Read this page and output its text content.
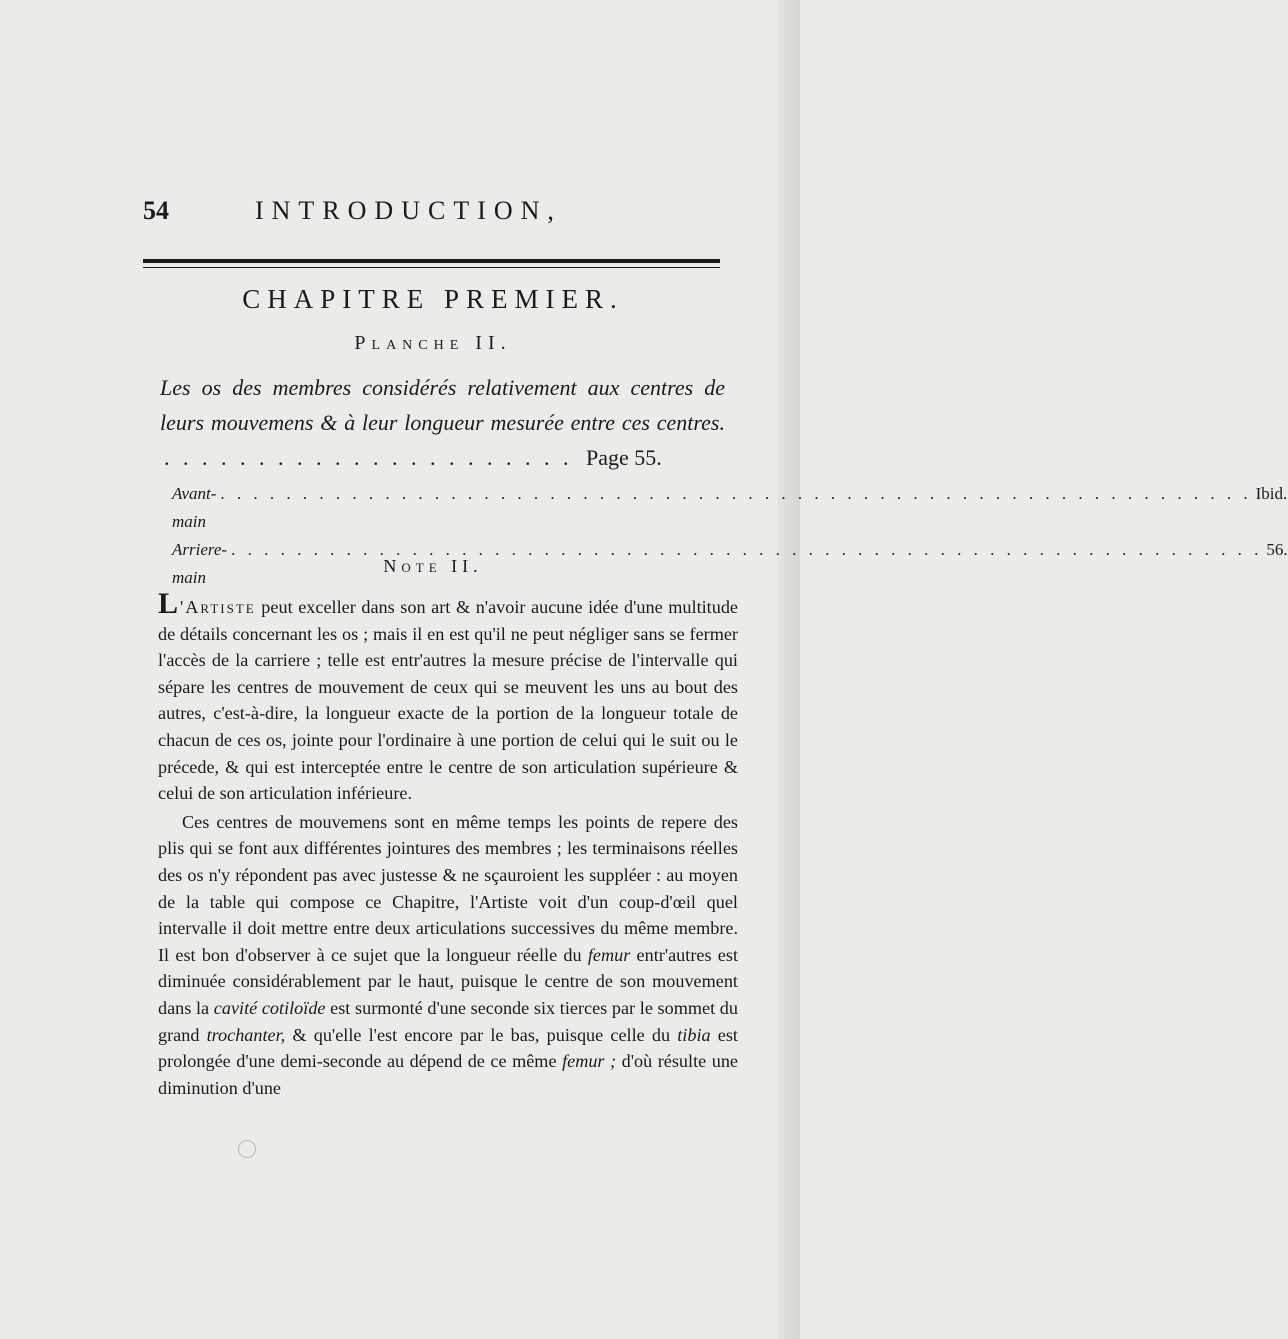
54	INTRODUCTION,
CHAPITRE PREMIER.
Planche II.
Les os des membres considérés relativement aux centres de leurs mouvemens & à leur longueur mesurée entre ces centres. . . . . . . . . . . . . . . . . . . . . . . Page 55.
Avant-main
. . . . . . . . . . . . . . . . . . . . . . . . . . . . . . . . . . . . . . . . . . . . . . . . . . . . . . . . . . . . . . . Ibid.
Arriere-main
. . . . . . . . . . . . . . . . . . . . . . . . . . . . . . . . . . . . . . . . . . . . . . . . . . . . . . . . . . . . . . . 56.
Note II.

L 'Artiste peut exceller dans son art & n'avoir aucune idée d'une multitude de détails concernant les os ; mais il en est qu'il ne peut négliger sans se fermer l'accès de la carriere ; telle est entr'autres la mesure précise de l'intervalle qui sépare les centres de mouvement de ceux qui se meuvent les uns au bout des autres, c'est-à-dire, la longueur exacte de la portion de la longueur totale de chacun de ces os, jointe pour l'ordinaire à une portion de celui qui le suit ou le précede, & qui est interceptée entre le centre de son articulation supérieure & celui de son articulation inférieure.

Ces centres de mouvemens sont en même temps les points de repere des plis qui se font aux différentes jointures des membres ; les terminaisons réelles des os n'y répondent pas avec justesse & ne sçauroient les suppléer : au moyen de la table qui compose ce Chapitre, l'Artiste voit d'un coup-d'œil quel intervalle il doit mettre entre deux articulations successives du même membre. Il est bon d'observer à ce sujet que la longueur réelle du femur entr'autres est diminuée considérablement par le haut, puisque le centre de son mouvement dans la cavité cotiloïde est surmonté d'une seconde six tierces par le sommet du grand trochanter, & qu'elle l'est encore par le bas, puisque celle du tibia est prolongée d'une demi-seconde au dépend de ce même femur ; d'où résulte une diminution d'une
